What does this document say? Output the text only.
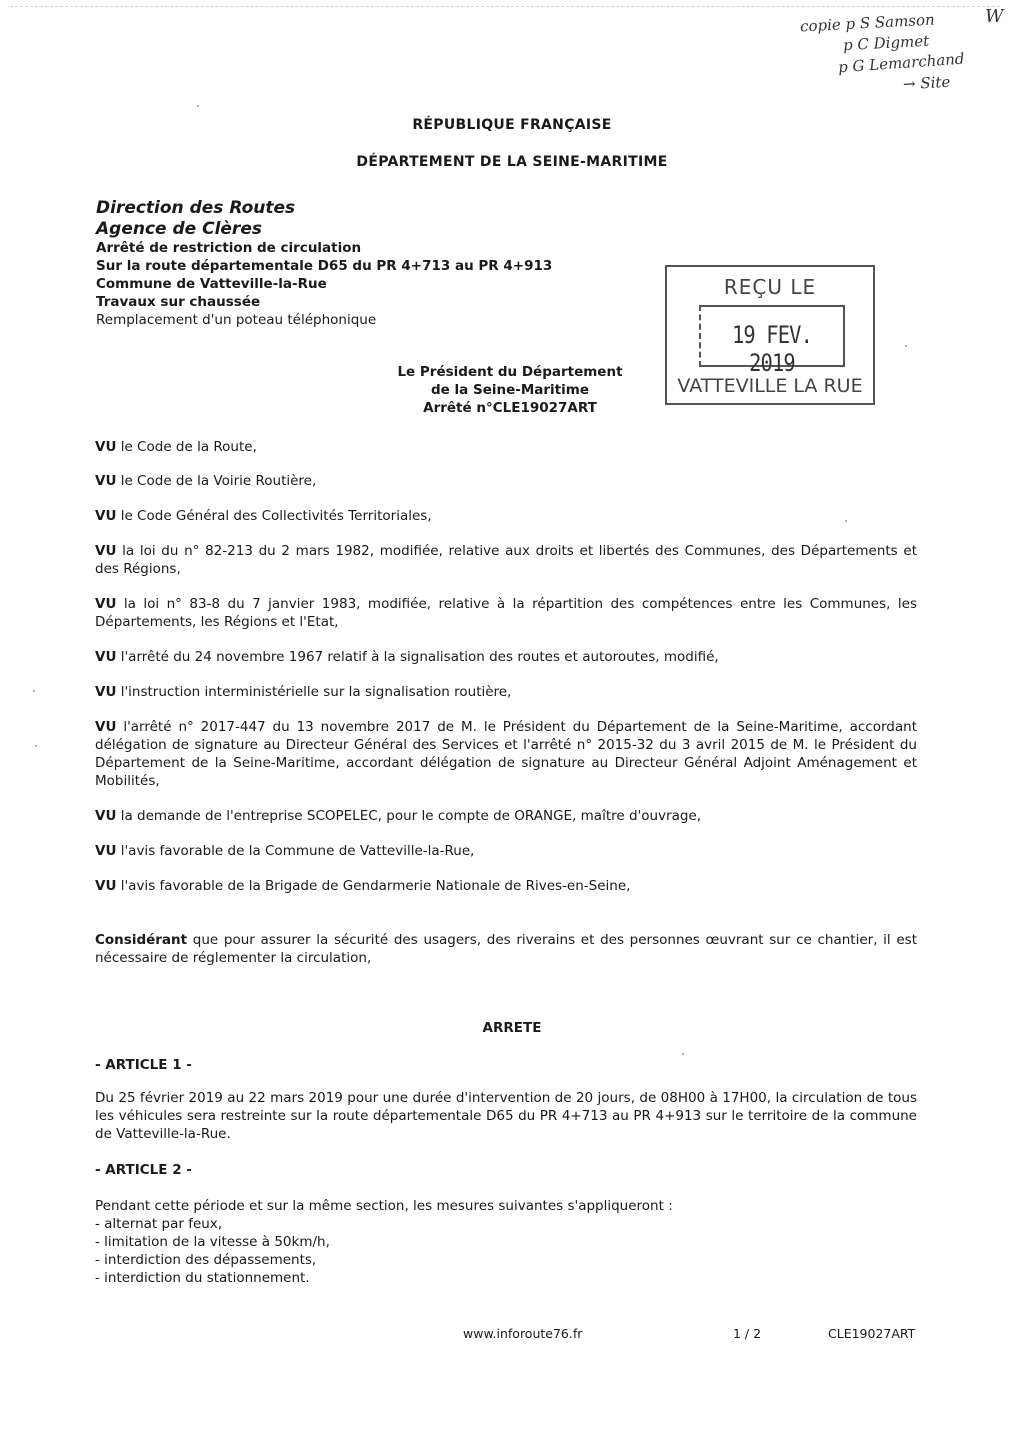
copie p S Samson
p C Digmet
p G Lemarchand
→ Site
W
RÉPUBLIQUE FRANÇAISE
DÉPARTEMENT DE LA SEINE-MARITIME
Direction des Routes
Agence de Clères
Arrêté de restriction de circulation
Sur la route départementale D65 du PR 4+713 au PR 4+913
Commune de Vatteville-la-Rue
Travaux sur chaussée
Remplacement d'un poteau téléphonique
REÇU LE
19 FEV. 2019
VATTEVILLE LA RUE
Le Président du Département
de la Seine-Maritime
Arrêté n°CLE19027ART
VU le Code de la Route,
VU le Code de la Voirie Routière,
VU le Code Général des Collectivités Territoriales,
VU la loi du n° 82-213 du 2 mars 1982, modifiée, relative aux droits et libertés des Communes, des Départements et des Régions,
VU la loi n° 83-8 du 7 janvier 1983, modifiée, relative à la répartition des compétences entre les Communes, les Départements, les Régions et l'Etat,
VU l'arrêté du 24 novembre 1967 relatif à la signalisation des routes et autoroutes, modifié,
VU l'instruction interministérielle sur la signalisation routière,
VU l'arrêté n° 2017-447 du 13 novembre 2017 de M. le Président du Département de la Seine-Maritime, accordant délégation de signature au Directeur Général des Services et l'arrêté n° 2015-32 du 3 avril 2015 de M. le Président du Département de la Seine-Maritime, accordant délégation de signature au Directeur Général Adjoint Aménagement et Mobilités,
VU la demande de l'entreprise SCOPELEC, pour le compte de ORANGE, maître d'ouvrage,
VU l'avis favorable de la Commune de Vatteville-la-Rue,
VU l'avis favorable de la Brigade de Gendarmerie Nationale de Rives-en-Seine,
Considérant que pour assurer la sécurité des usagers, des riverains et des personnes œuvrant sur ce chantier, il est nécessaire de réglementer la circulation,
ARRETE
- ARTICLE 1 -
Du 25 février 2019 au 22 mars 2019 pour une durée d'intervention de 20 jours, de 08H00 à 17H00, la circulation de tous les véhicules sera restreinte sur la route départementale D65 du PR 4+713 au PR 4+913 sur le territoire de la commune de Vatteville-la-Rue.
- ARTICLE 2 -
Pendant cette période et sur la même section, les mesures suivantes s'appliqueront :
- alternat par feux,
- limitation de la vitesse à 50km/h,
- interdiction des dépassements,
- interdiction du stationnement.
www.inforoute76.fr	1 / 2	CLE19027ART
